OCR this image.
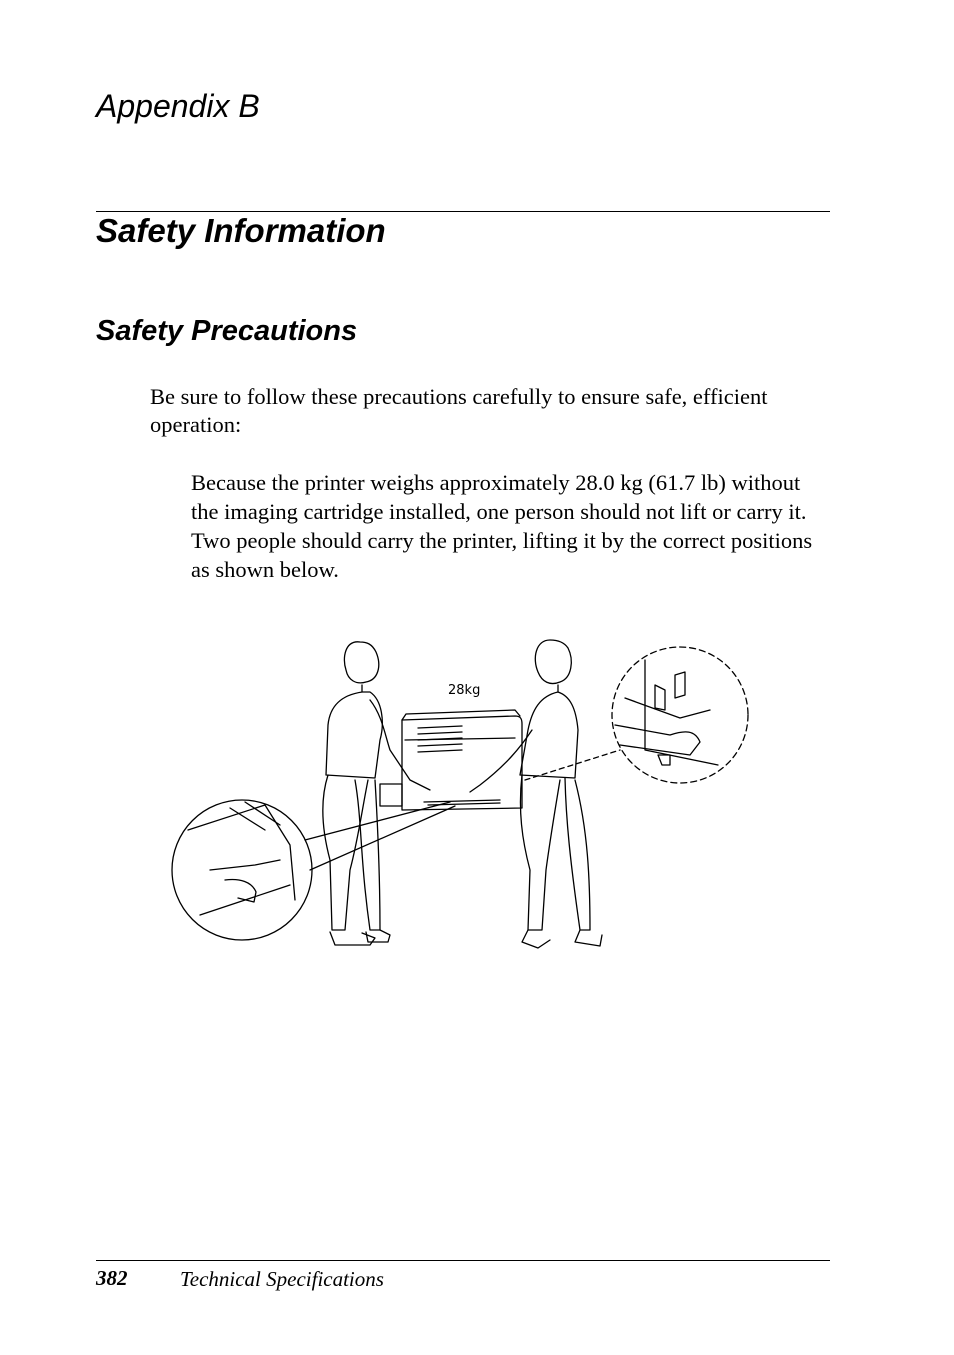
Appendix B
Safety Information
Safety Precautions

Be sure to follow these precautions carefully to ensure safe, efficient operation:

Because the printer weighs approximately 28.0 kg (61.7 lb) without the imaging cartridge installed, one person should not lift or carry it. Two people should carry the printer, lifting it by the correct positions as shown below.

28kg
382	Technical Specifications
